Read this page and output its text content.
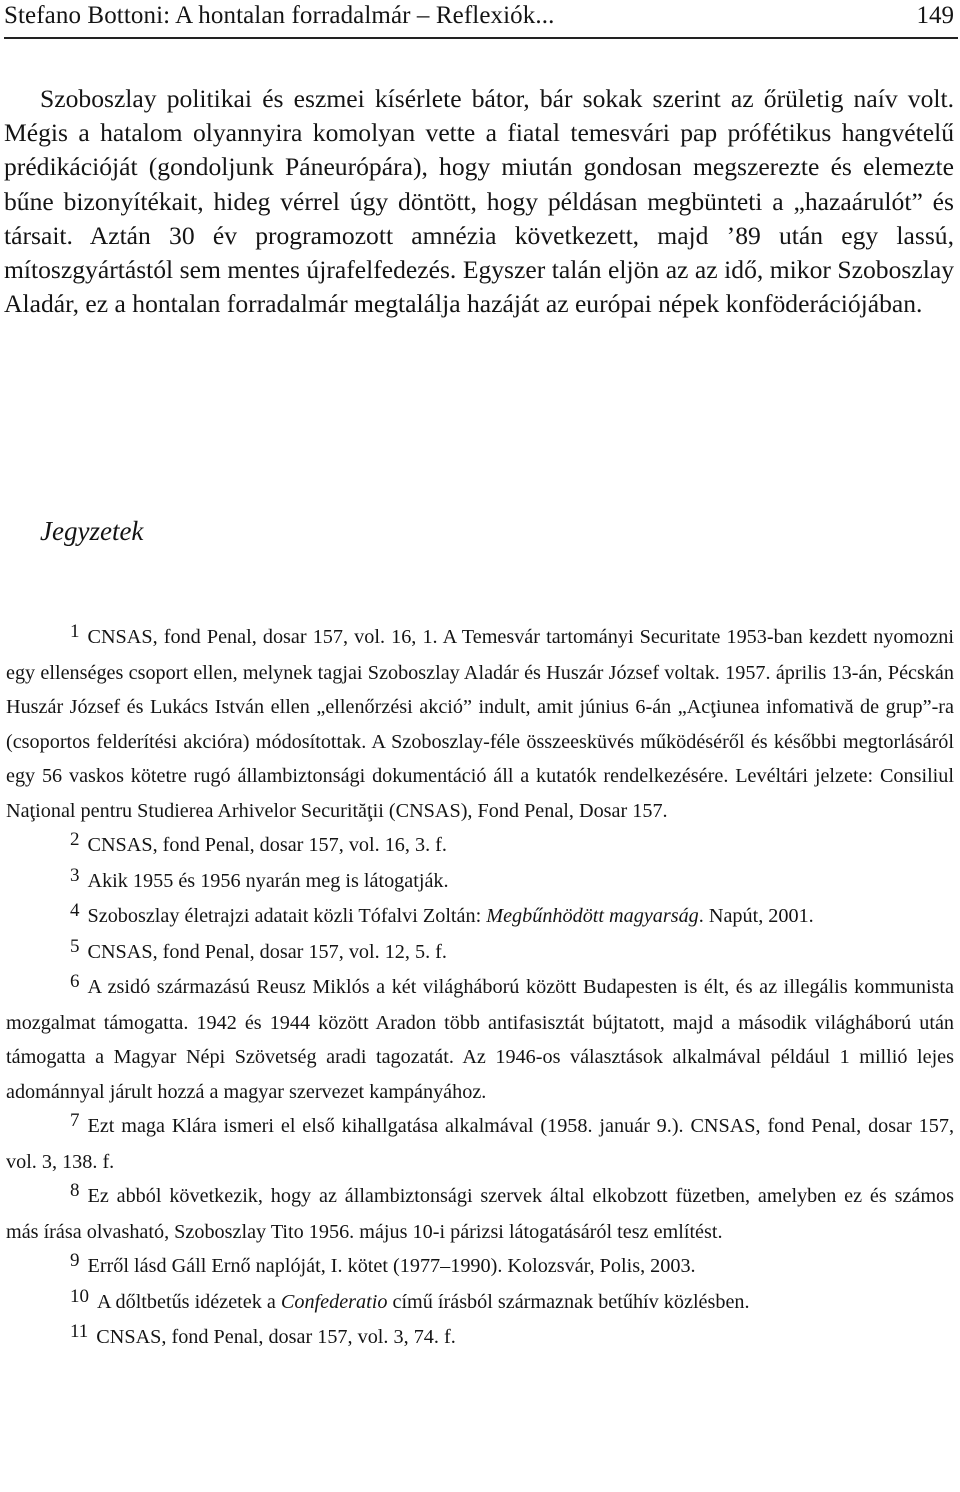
Stefano Bottoni: A hontalan forradalmár – Reflexiók...	149

Szoboszlay politikai és eszmei kísérlete bátor, bár sokak szerint az őrületig naív volt. Mégis a hatalom olyannyira komolyan vette a fiatal temesvári pap prófétikus hangvételű prédikációját (gondoljunk Páneurópára), hogy miután gondosan megszerezte és elemezte bűne bizonyítékait, hideg vérrel úgy döntött, hogy példásan megbünteti a „hazaárulót” és társait. Aztán 30 év programozott amnézia következett, majd ’89 után egy lassú, mítoszgyártástól sem mentes újrafelfedezés. Egyszer talán eljön az az idő, mikor Szoboszlay Aladár, ez a hontalan forradalmár megtalálja hazáját az európai népek konföderációjában.

Jegyzetek

1 CNSAS, fond Penal, dosar 157, vol. 16, 1. A Temesvár tartományi Securitate 1953-ban kezdett nyomozni egy ellenséges csoport ellen, melynek tagjai Szoboszlay Aladár és Huszár József voltak. 1957. április 13-án, Pécskán Huszár József és Lukács István ellen „ellenőrzési akció” indult, amit június 6-án „Acţiunea infomativă de grup”-ra (csoportos felderítési akcióra) módosítottak. A Szoboszlay-féle összeesküvés működéséről és későbbi megtorlásáról egy 56 vaskos kötetre rugó állambiztonsági dokumentáció áll a kutatók rendelkezésére. Levéltári jelzete: Consiliul Naţional pentru Studierea Arhivelor Securităţii (CNSAS), Fond Penal, Dosar 157.

2 CNSAS, fond Penal, dosar 157, vol. 16, 3. f.

3 Akik 1955 és 1956 nyarán meg is látogatják.

4 Szoboszlay életrajzi adatait közli Tófalvi Zoltán: Megbűnhödött magyarság. Napút, 2001.

5 CNSAS, fond Penal, dosar 157, vol. 12, 5. f.

6 A zsidó származású Reusz Miklós a két világháború között Budapesten is élt, és az illegális kommunista mozgalmat támogatta. 1942 és 1944 között Aradon több antifasisztát bújtatott, majd a második világháború után támogatta a Magyar Népi Szövetség aradi tagozatát. Az 1946-os választások alkalmával például 1 millió lejes adománnyal járult hozzá a magyar szervezet kampányához.

7 Ezt maga Klára ismeri el első kihallgatása alkalmával (1958. január 9.). CNSAS, fond Penal, dosar 157, vol. 3, 138. f.

8 Ez abból következik, hogy az állambiztonsági szervek által elkobzott füzetben, amelyben ez és számos más írása olvasható, Szoboszlay Tito 1956. május 10-i párizsi látogatásáról tesz említést.

9 Erről lásd Gáll Ernő naplóját, I. kötet (1977–1990). Kolozsvár, Polis, 2003.

10 A dőltbetűs idézetek a Confederatio című írásból származnak betűhív közlésben.

11 CNSAS, fond Penal, dosar 157, vol. 3, 74. f.
